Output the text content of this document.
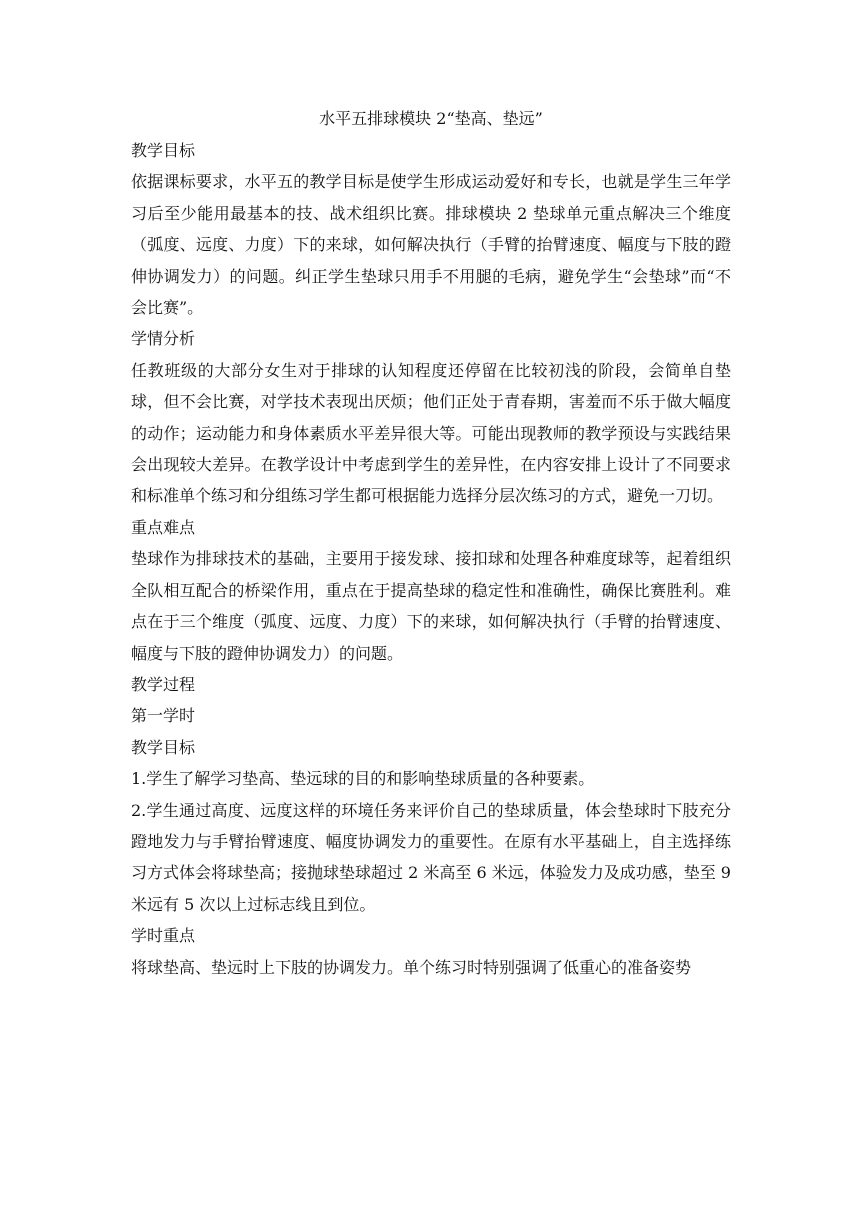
水平五排球模块 2“垫高、垫远”

教学目标

依据课标要求，水平五的教学目标是使学生形成运动爱好和专长，也就是学生三年学习后至少能用最基本的技、战术组织比赛。排球模块 2 垫球单元重点解决三个维度（弧度、远度、力度）下的来球，如何解决执行（手臂的抬臂速度、幅度与下肢的蹬伸协调发力）的问题。纠正学生垫球只用手不用腿的毛病，避免学生“会垫球”而“不会比赛”。

学情分析

任教班级的大部分女生对于排球的认知程度还停留在比较初浅的阶段，会简单自垫球，但不会比赛，对学技术表现出厌烦；他们正处于青春期，害羞而不乐于做大幅度的动作；运动能力和身体素质水平差异很大等。可能出现教师的教学预设与实践结果会出现较大差异。在教学设计中考虑到学生的差异性，在内容安排上设计了不同要求和标准单个练习和分组练习学生都可根据能力选择分层次练习的方式，避免一刀切。

重点难点

垫球作为排球技术的基础，主要用于接发球、接扣球和处理各种难度球等，起着组织全队相互配合的桥梁作用，重点在于提高垫球的稳定性和准确性，确保比赛胜利。难点在于三个维度（弧度、远度、力度）下的来球，如何解决执行（手臂的抬臂速度、幅度与下肢的蹬伸协调发力）的问题。

教学过程

第一学时

教学目标

1.学生了解学习垫高、垫远球的目的和影响垫球质量的各种要素。

2.学生通过高度、远度这样的环境任务来评价自己的垫球质量，体会垫球时下肢充分蹬地发力与手臂抬臂速度、幅度协调发力的重要性。在原有水平基础上，自主选择练习方式体会将球垫高；接抛球垫球超过 2 米高至 6 米远，体验发力及成功感，垫至 9 米远有 5 次以上过标志线且到位。

学时重点

将球垫高、垫远时上下肢的协调发力。单个练习时特别强调了低重心的准备姿势
